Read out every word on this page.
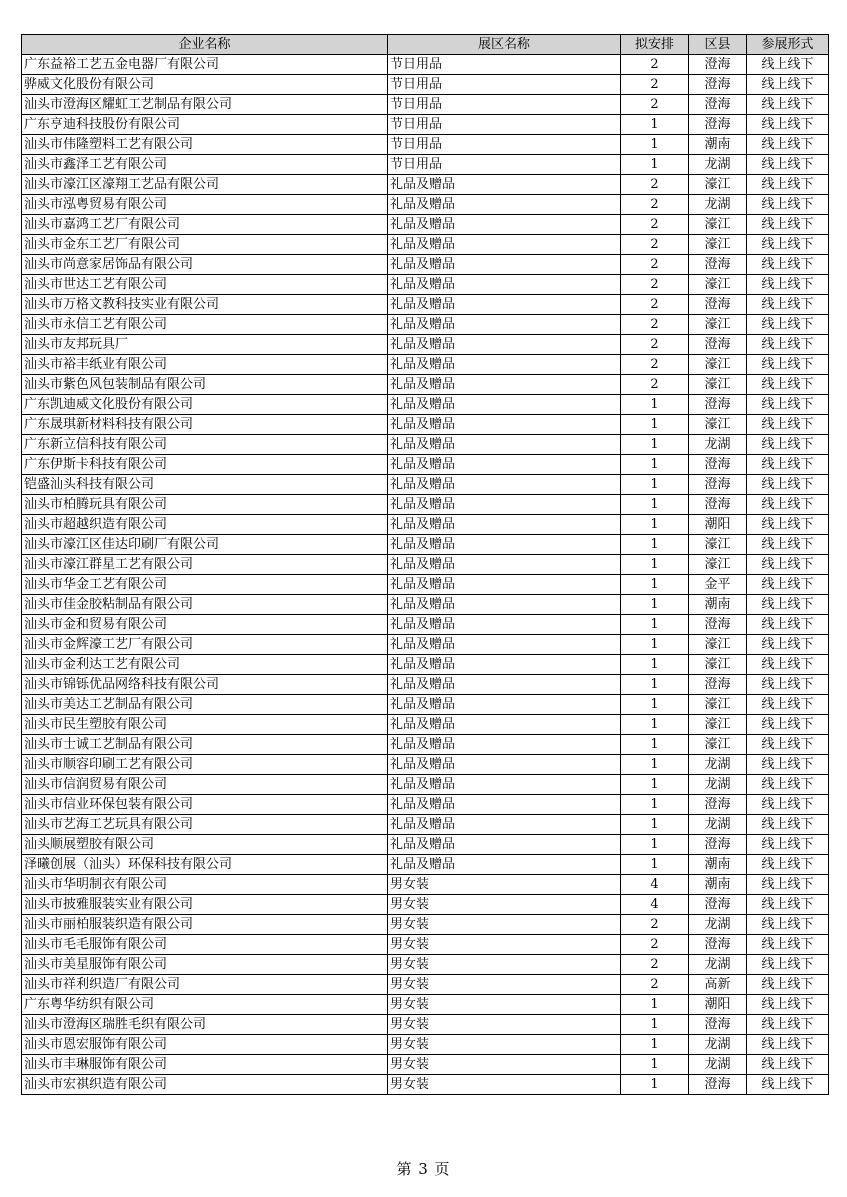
企业名称	展区名称	拟安排	区县	参展形式
广东益裕工艺五金电器厂有限公司	节日用品	2	澄海	线上线下
骅威文化股份有限公司	节日用品	2	澄海	线上线下
汕头市澄海区耀虹工艺制品有限公司	节日用品	2	澄海	线上线下
广东亨迪科技股份有限公司	节日用品	1	澄海	线上线下
汕头市伟隆塑料工艺有限公司	节日用品	1	潮南	线上线下
汕头市鑫泽工艺有限公司	节日用品	1	龙湖	线上线下
汕头市濠江区濠翔工艺品有限公司	礼品及赠品	2	濠江	线上线下
汕头市泓粤贸易有限公司	礼品及赠品	2	龙湖	线上线下
汕头市嘉鸿工艺厂有限公司	礼品及赠品	2	濠江	线上线下
汕头市金东工艺厂有限公司	礼品及赠品	2	濠江	线上线下
汕头市尚意家居饰品有限公司	礼品及赠品	2	澄海	线上线下
汕头市世达工艺有限公司	礼品及赠品	2	濠江	线上线下
汕头市万格文教科技实业有限公司	礼品及赠品	2	澄海	线上线下
汕头市永信工艺有限公司	礼品及赠品	2	濠江	线上线下
汕头市友邦玩具厂	礼品及赠品	2	澄海	线上线下
汕头市裕丰纸业有限公司	礼品及赠品	2	濠江	线上线下
汕头市紫色风包装制品有限公司	礼品及赠品	2	濠江	线上线下
广东凯迪威文化股份有限公司	礼品及赠品	1	澄海	线上线下
广东晟琪新材料科技有限公司	礼品及赠品	1	濠江	线上线下
广东新立信科技有限公司	礼品及赠品	1	龙湖	线上线下
广东伊斯卡科技有限公司	礼品及赠品	1	澄海	线上线下
铠盛汕头科技有限公司	礼品及赠品	1	澄海	线上线下
汕头市柏腾玩具有限公司	礼品及赠品	1	澄海	线上线下
汕头市超越织造有限公司	礼品及赠品	1	潮阳	线上线下
汕头市濠江区佳达印刷厂有限公司	礼品及赠品	1	濠江	线上线下
汕头市濠江群星工艺有限公司	礼品及赠品	1	濠江	线上线下
汕头市华金工艺有限公司	礼品及赠品	1	金平	线上线下
汕头市佳金胶粘制品有限公司	礼品及赠品	1	潮南	线上线下
汕头市金和贸易有限公司	礼品及赠品	1	澄海	线上线下
汕头市金辉濠工艺厂有限公司	礼品及赠品	1	濠江	线上线下
汕头市金利达工艺有限公司	礼品及赠品	1	濠江	线上线下
汕头市锦铄优品网络科技有限公司	礼品及赠品	1	澄海	线上线下
汕头市美达工艺制品有限公司	礼品及赠品	1	濠江	线上线下
汕头市民生塑胶有限公司	礼品及赠品	1	濠江	线上线下
汕头市士诚工艺制品有限公司	礼品及赠品	1	濠江	线上线下
汕头市顺容印刷工艺有限公司	礼品及赠品	1	龙湖	线上线下
汕头市信润贸易有限公司	礼品及赠品	1	龙湖	线上线下
汕头市信业环保包装有限公司	礼品及赠品	1	澄海	线上线下
汕头市艺海工艺玩具有限公司	礼品及赠品	1	龙湖	线上线下
汕头顺展塑胶有限公司	礼品及赠品	1	澄海	线上线下
泽曦创展（汕头）环保科技有限公司	礼品及赠品	1	潮南	线上线下
汕头市华明制衣有限公司	男女装	4	潮南	线上线下
汕头市披雅服装实业有限公司	男女装	4	澄海	线上线下
汕头市丽柏服装织造有限公司	男女装	2	龙湖	线上线下
汕头市毛毛服饰有限公司	男女装	2	澄海	线上线下
汕头市美星服饰有限公司	男女装	2	龙湖	线上线下
汕头市祥利织造厂有限公司	男女装	2	高新	线上线下
广东粤华纺织有限公司	男女装	1	潮阳	线上线下
汕头市澄海区瑞胜毛织有限公司	男女装	1	澄海	线上线下
汕头市恩宏服饰有限公司	男女装	1	龙湖	线上线下
汕头市丰琳服饰有限公司	男女装	1	龙湖	线上线下
汕头市宏祺织造有限公司	男女装	1	澄海	线上线下
第 3 页
